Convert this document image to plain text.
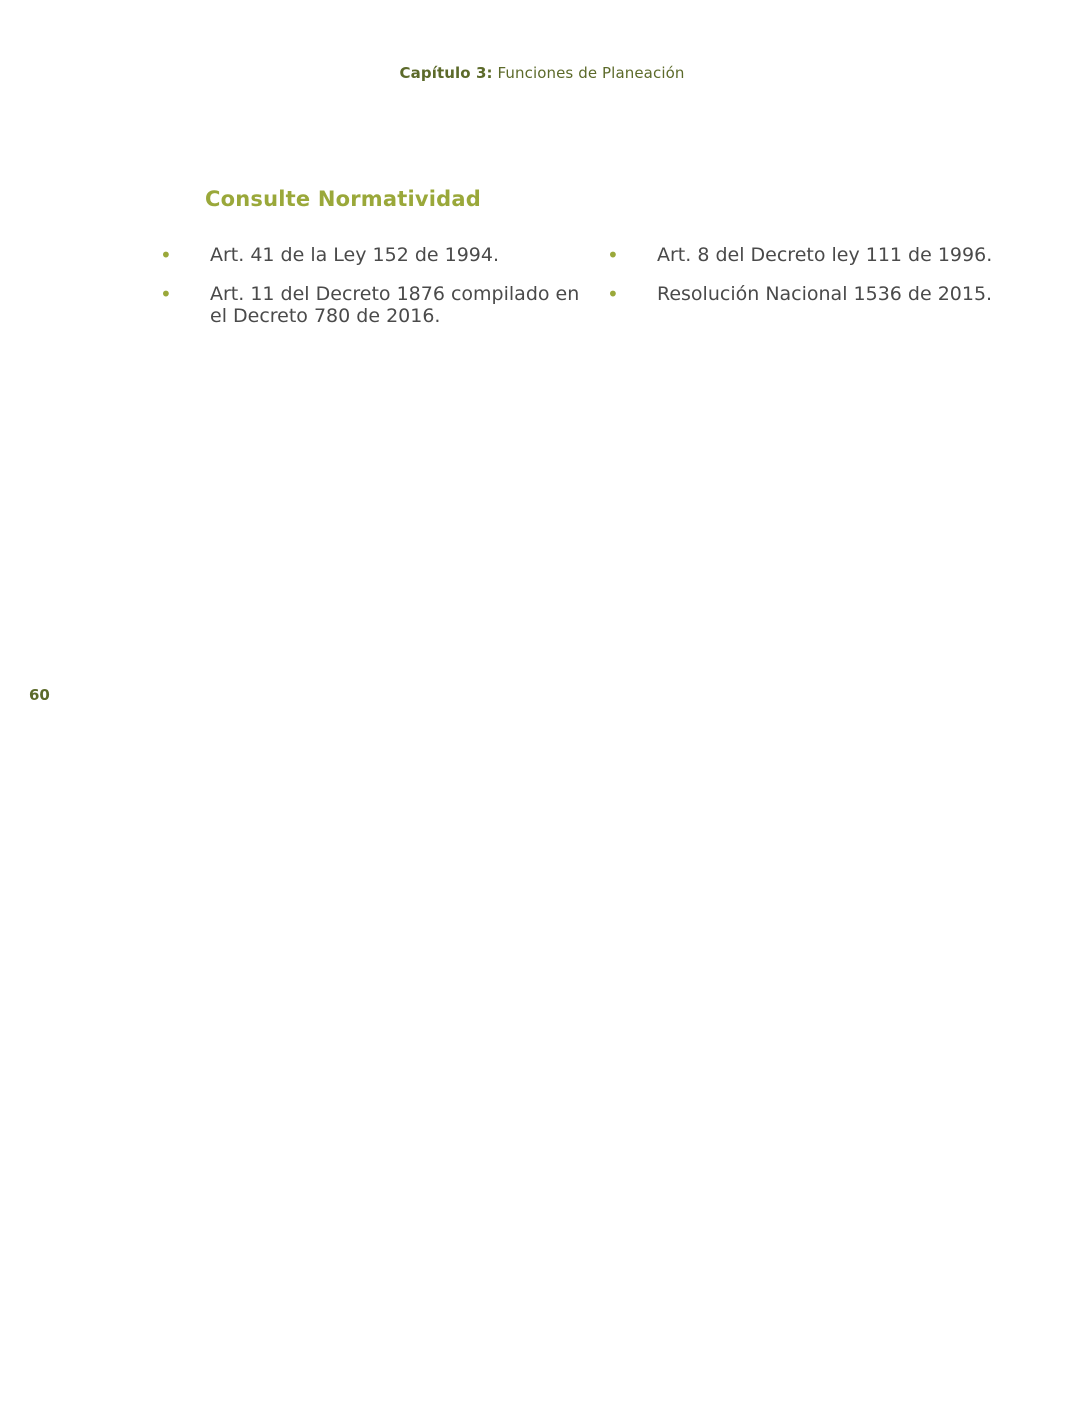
Capítulo 3: Funciones de Planeación
Consulte Normatividad
• Art. 41 de la Ley 152 de 1994.
• Art. 11 del Decreto 1876 compilado en el Decreto 780 de 2016.
• Art. 8 del Decreto ley 111 de 1996.
• Resolución Nacional 1536 de 2015.
60
